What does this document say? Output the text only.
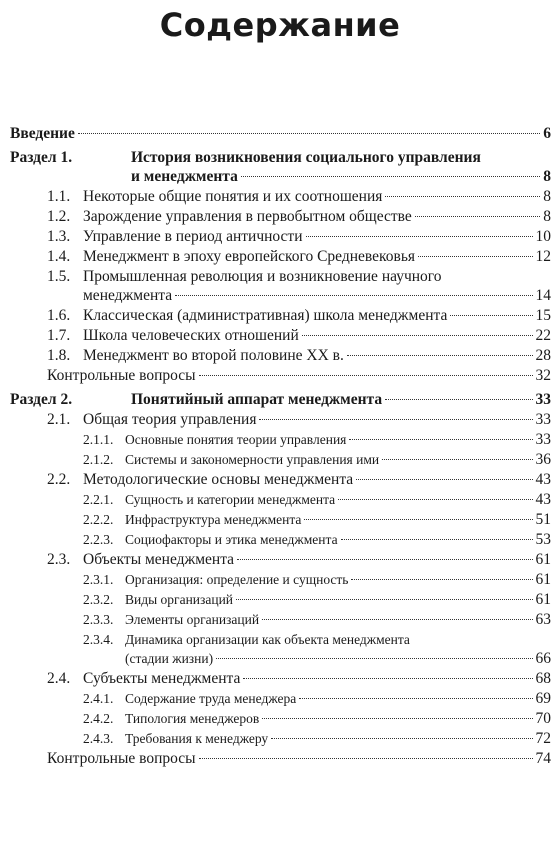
Содержание
Введение	6
Раздел 1.	История возникновения социального управления
и менеджмента	8
1.1. Некоторые общие понятия и их соотношения	8
1.2. Зарождение управления в первобытном обществе	8
1.3. Управление в период античности	10
1.4. Менеджмент в эпоху европейского Средневековья	12
1.5. Промышленная революция и возникновение научного
менеджмента	14
1.6. Классическая (административная) школа менеджмента	15
1.7. Школа человеческих отношений	22
1.8. Менеджмент во второй половине XX в.	28
Контрольные вопросы	32
Раздел 2.	Понятийный аппарат менеджмента	33
2.1. Общая теория управления	33
2.1.1. Основные понятия теории управления	33
2.1.2. Системы и закономерности управления ими	36
2.2. Методологические основы менеджмента	43
2.2.1. Сущность и категории менеджмента	43
2.2.2. Инфраструктура менеджмента	51
2.2.3. Социофакторы и этика менеджмента	53
2.3. Объекты менеджмента	61
2.3.1. Организация: определение и сущность	61
2.3.2. Виды организаций	61
2.3.3. Элементы организаций	63
2.3.4. Динамика организации как объекта менеджмента
(стадии жизни)	66
2.4. Субъекты менеджмента	68
2.4.1. Содержание труда менеджера	69
2.4.2. Типология менеджеров	70
2.4.3. Требования к менеджеру	72
Контрольные вопросы	74
